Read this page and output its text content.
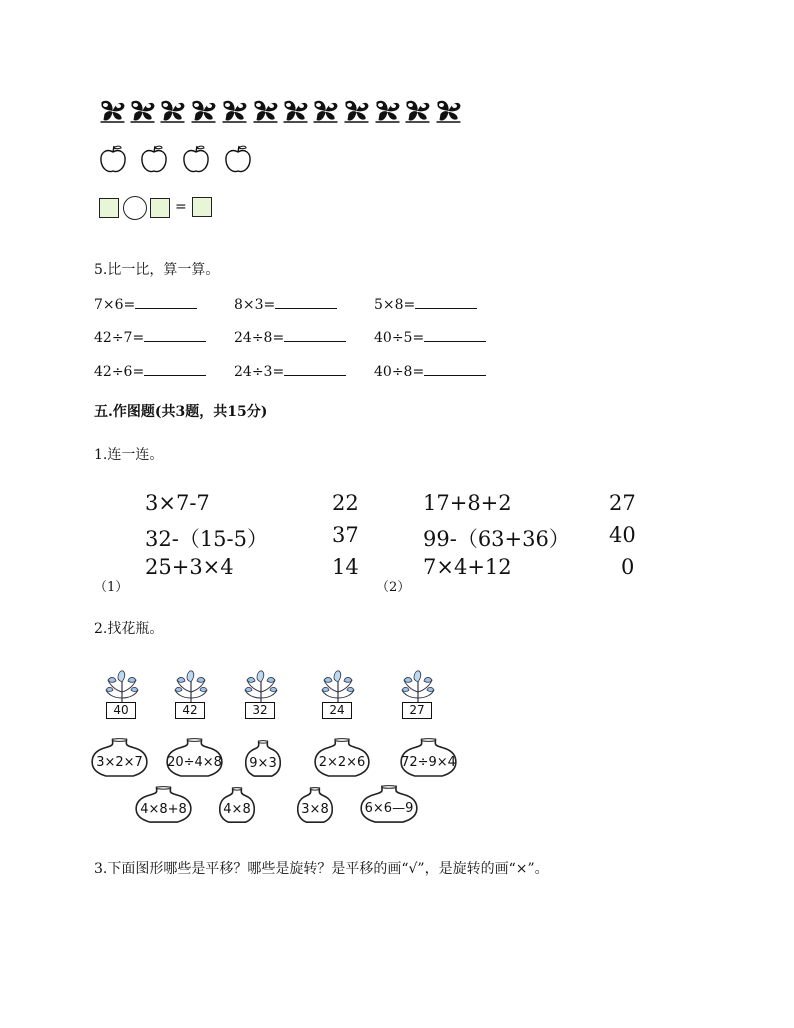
=
5.比一比，算一算。
7×6=	8×3=	5×8=
42÷7=	24÷8=	40÷5=
42÷6=	24÷3=	40÷8=
五.作图题(共3题，共15分)
1.连一连。
3×7-7
32-（15-5）
25+3×4
22
37
14
（1）
17+8+2
99-（63+36）
7×4+12
27
40
0
（2）
2.找花瓶。
40	42	32	24	27
3×2×7	20÷4×8	9×3	2×2×6	72÷9×4
4×8+8	4×8	3×8	6×6—9
3.下面图形哪些是平移？哪些是旋转？是平移的画“√”，是旋转的画“×”。
